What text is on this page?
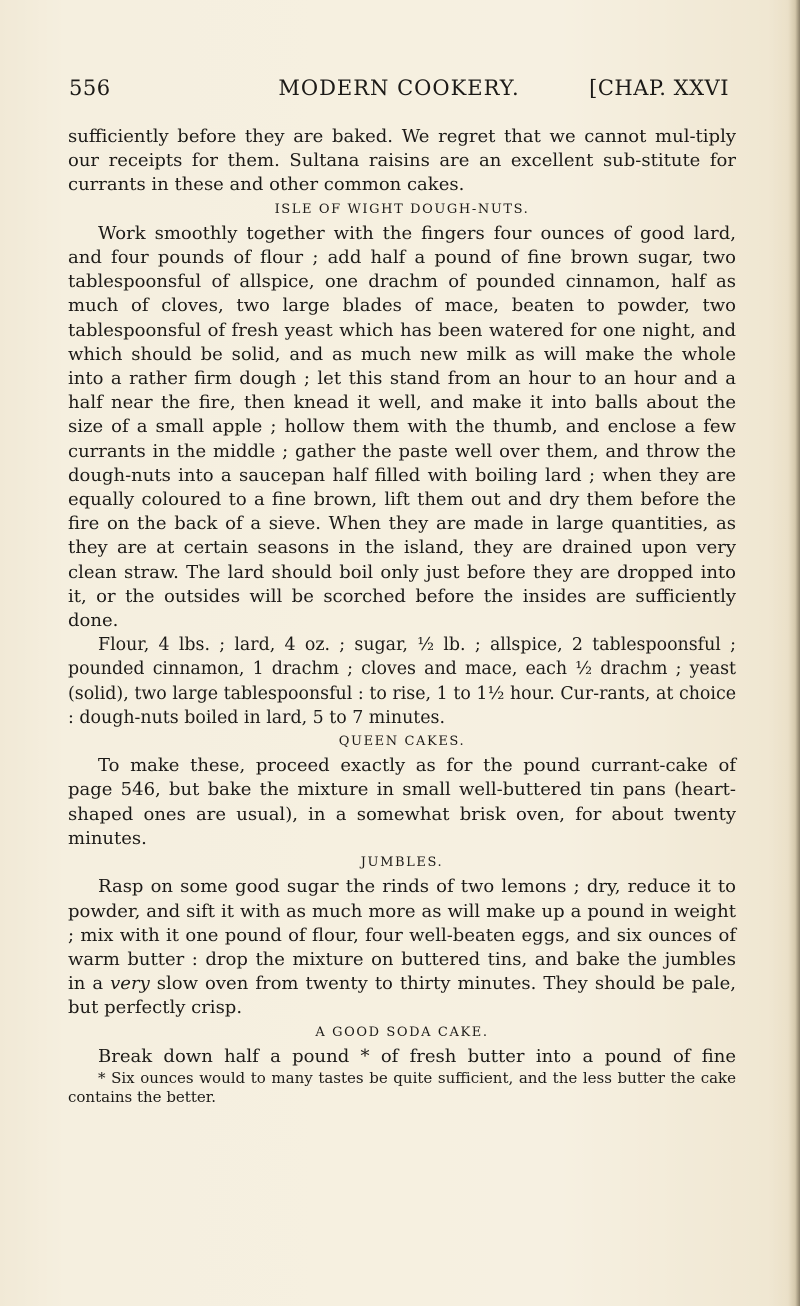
556	MODERN COOKERY.	[CHAP. XXVI

sufficiently before they are baked. We regret that we cannot mul-tiply our receipts for them. Sultana raisins are an excellent sub-stitute for currants in these and other common cakes.

ISLE OF WIGHT DOUGH-NUTS.

Work smoothly together with the fingers four ounces of good lard, and four pounds of flour ; add half a pound of fine brown sugar, two tablespoonsful of allspice, one drachm of pounded cinnamon, half as much of cloves, two large blades of mace, beaten to powder, two tablespoonsful of fresh yeast which has been watered for one night, and which should be solid, and as much new milk as will make the whole into a rather firm dough ; let this stand from an hour to an hour and a half near the fire, then knead it well, and make it into balls about the size of a small apple ; hollow them with the thumb, and enclose a few currants in the middle ; gather the paste well over them, and throw the dough-nuts into a saucepan half filled with boiling lard ; when they are equally coloured to a fine brown, lift them out and dry them before the fire on the back of a sieve. When they are made in large quantities, as they are at certain seasons in the island, they are drained upon very clean straw. The lard should boil only just before they are dropped into it, or the outsides will be scorched before the insides are sufficiently done.

Flour, 4 lbs. ; lard, 4 oz. ; sugar, ½ lb. ; allspice, 2 tablespoonsful ; pounded cinnamon, 1 drachm ; cloves and mace, each ½ drachm ; yeast (solid), two large tablespoonsful : to rise, 1 to 1½ hour. Cur-rants, at choice : dough-nuts boiled in lard, 5 to 7 minutes.

QUEEN CAKES.

To make these, proceed exactly as for the pound currant-cake of page 546, but bake the mixture in small well-buttered tin pans (heart-shaped ones are usual), in a somewhat brisk oven, for about twenty minutes.

JUMBLES.

Rasp on some good sugar the rinds of two lemons ; dry, reduce it to powder, and sift it with as much more as will make up a pound in weight ; mix with it one pound of flour, four well-beaten eggs, and six ounces of warm butter : drop the mixture on buttered tins, and bake the jumbles in a very slow oven from twenty to thirty minutes. They should be pale, but perfectly crisp.

A GOOD SODA CAKE.

Break down half a pound * of fresh butter into a pound of fine

* Six ounces would to many tastes be quite sufficient, and the less butter the cake contains the better.
